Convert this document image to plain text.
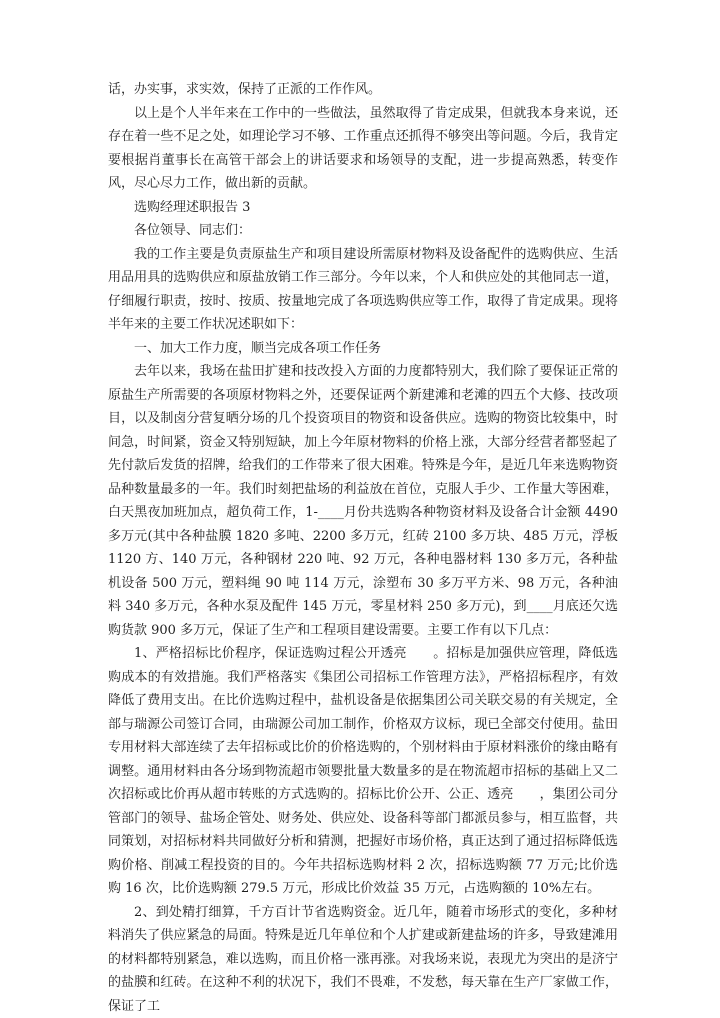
话，办实事，求实效，保持了正派的工作作风。

以上是个人半年来在工作中的一些做法，虽然取得了肯定成果，但就我本身来说，还存在着一些不足之处，如理论学习不够、工作重点还抓得不够突出等问题。今后，我肯定要根据肖董事长在高管干部会上的讲话要求和场领导的支配，进一步提高熟悉，转变作风，尽心尽力工作，做出新的贡献。

选购经理述职报告 3

各位领导、同志们：

我的工作主要是负责原盐生产和项目建设所需原材物料及设备配件的选购供应、生活用品用具的选购供应和原盐放销工作三部分。今年以来，个人和供应处的其他同志一道，仔细履行职责，按时、按质、按量地完成了各项选购供应等工作，取得了肯定成果。现将半年来的主要工作状况述职如下：

一、加大工作力度，顺当完成各项工作任务

去年以来，我场在盐田扩建和技改投入方面的力度都特别大，我们除了要保证正常的原盐生产所需要的各项原材物料之外，还要保证两个新建滩和老滩的四五个大修、技改项目，以及制卤分营复晒分场的几个投资项目的物资和设备供应。选购的物资比较集中，时间急，时间紧，资金又特别短缺，加上今年原材物料的价格上涨，大部分经营者都竖起了先付款后发货的招牌，给我们的工作带来了很大困难。特殊是今年，是近几年来选购物资品种数量最多的一年。我们时刻把盐场的利益放在首位，克服人手少、工作量大等困难，白天黑夜加班加点，超负荷工作，1-____月份共选购各种物资材料及设备合计金额 4490 多万元(其中各种盐膜 1820 多吨、2200 多万元，红砖 2100 多万块、485 万元，浮板 1120 方、140 万元，各种钢材 220 吨、92 万元，各种电器材料 130 多万元，各种盐机设备 500 万元，塑料绳 90 吨 114 万元，涂塑布 30 多万平方米、98 万元，各种油料 340 多万元，各种水泵及配件 145 万元，零星材料 250 多万元)，到____月底还欠选购货款 900 多万元，保证了生产和工程项目建设需要。主要工作有以下几点：

1、严格招标比价程序，保证选购过程公开透亮　　。招标是加强供应管理，降低选购成本的有效措施。我们严格落实《集团公司招标工作管理方法》，严格招标程序，有效降低了费用支出。在比价选购过程中，盐机设备是依据集团公司关联交易的有关规定，全部与瑞源公司签订合同，由瑞源公司加工制作，价格双方议标，现已全部交付使用。盐田专用材料大部连续了去年招标或比价的价格选购的，个别材料由于原材料涨价的缘由略有调整。通用材料由各分场到物流超市领婴批量大数量多的是在物流超市招标的基础上又二次招标或比价再从超市转账的方式选购的。招标比价公开、公正、透亮　　，集团公司分管部门的领导、盐场企管处、财务处、供应处、设备科等部门都派员参与，相互监督，共同策划，对招标材料共同做好分析和猜测，把握好市场价格，真正达到了通过招标降低选购价格、削减工程投资的目的。今年共招标选购材料 2 次，招标选购额 77 万元;比价选购 16 次，比价选购额 279.5 万元，形成比价效益 35 万元，占选购额的 10%左右。

2、到处精打细算，千方百计节省选购资金。近几年，随着市场形式的变化，多种材料消失了供应紧急的局面。特殊是近几年单位和个人扩建或新建盐场的许多，导致建滩用的材料都特别紧急，难以选购，而且价格一涨再涨。对我场来说，表现尤为突出的是济宁的盐膜和红砖。在这种不利的状况下，我们不畏难，不发愁，每天靠在生产厂家做工作，保证了工
